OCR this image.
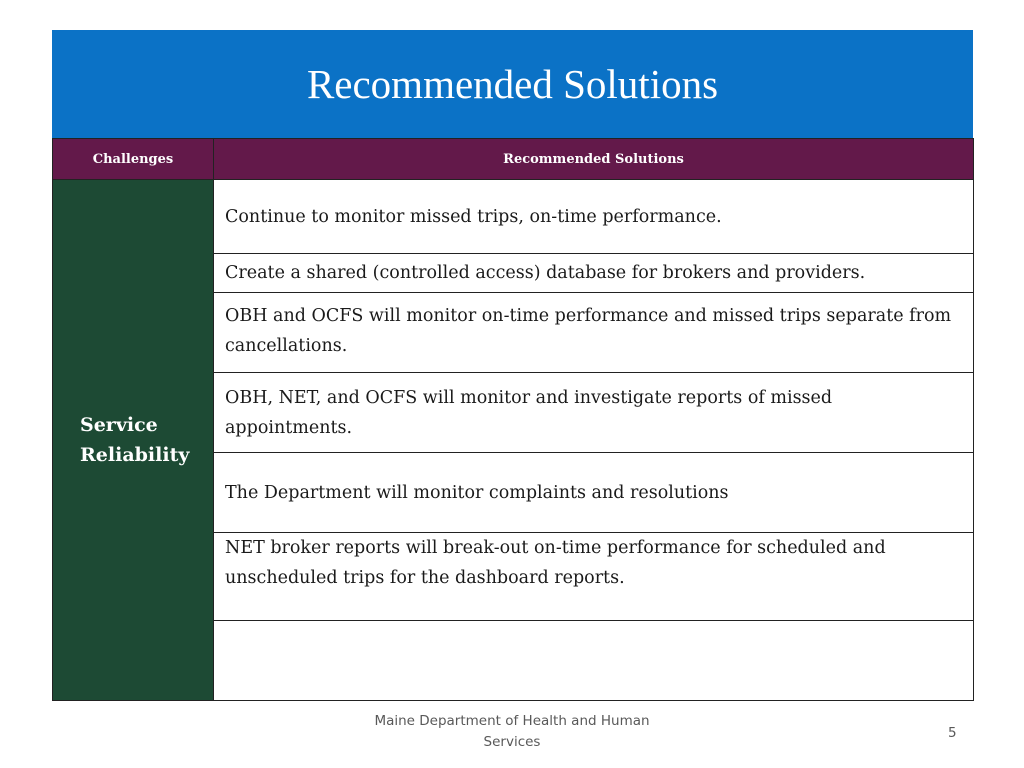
Recommended Solutions
Challenges	Recommended Solutions
Service Reliability	Continue to monitor missed trips, on-time performance.
	Create a shared (controlled access) database for brokers and providers.
	OBH and OCFS will monitor on-time performance and missed trips separate from cancellations.
	OBH, NET, and OCFS will monitor and investigate reports of missed appointments.
	The Department will monitor complaints and resolutions
	NET broker reports will break-out on-time performance for scheduled and unscheduled trips for the dashboard reports.

Maine Department of Health and Human Services
5
